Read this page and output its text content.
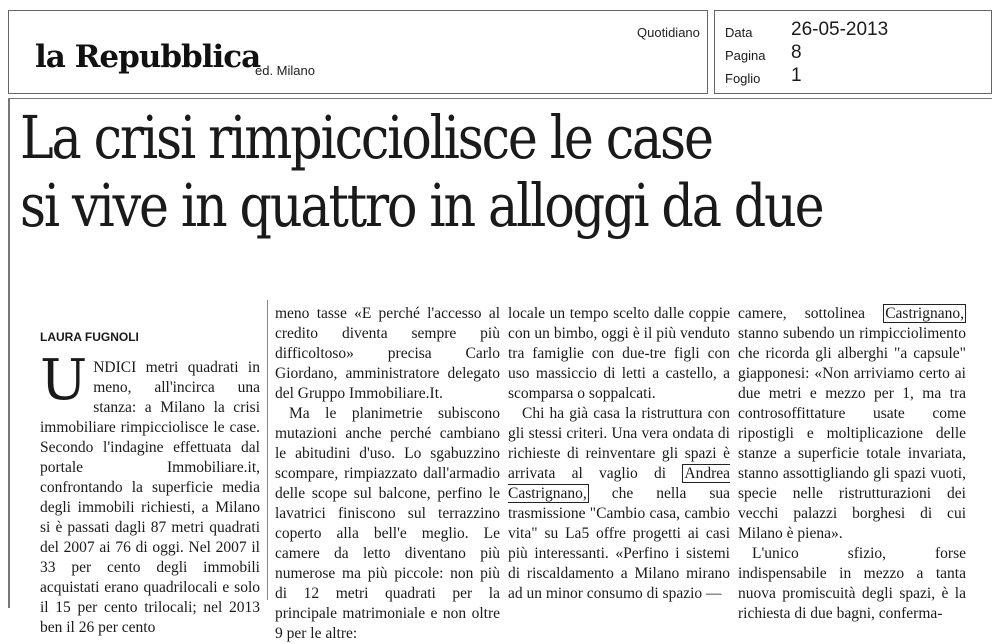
la Repubblica
ed. Milano
Quotidiano Data	26-05-2013
Pagina	8
Foglio	1
La crisi rimpicciolisce le case
si vive in quattro in alloggi da due
LAURA FUGNOLI

UNDICI metri quadrati in meno, all'incirca una stanza: a Milano la crisi immobiliare rimpicciolisce le case. Secondo l'indagine effettuata dal portale Immobiliare.it, confrontando la superficie media degli immobili richiesti, a Milano si è passati dagli 87 metri quadrati del 2007 ai 76 di oggi. Nel 2007 il 33 per cento degli immobili acquistati erano quadrilocali e solo il 15 per cento trilocali; nel 2013 ben il 26 per cento

meno tasse «E perché l'accesso al credito diventa sempre più difficoltoso» precisa Carlo Giordano, amministratore delegato del Gruppo Immobiliare.It.

Ma le planimetrie subiscono mutazioni anche perché cambiano le abitudini d'uso. Lo sgabuzzino scompare, rimpiazzato dall'armadio delle scope sul balcone, perfino le lavatrici finiscono sul terrazzino coperto alla bell'e meglio. Le camere da letto diventano più numerose ma più piccole: non più di 12 metri quadrati per la principale matrimoniale e non oltre 9 per le altre:

locale un tempo scelto dalle coppie con un bimbo, oggi è il più venduto tra famiglie con due-tre figli con uso massiccio di letti a castello, a scomparsa o soppalcati.

Chi ha già casa la ristruttura con gli stessi criteri. Una vera ondata di richieste di reinventare gli spazi è arrivata al vaglio di Andrea Castrignano, che nella sua trasmissione "Cambio casa, cambio vita" su La5 offre progetti ai casi più interessanti. «Perfino i sistemi di riscaldamento a Milano mirano ad un minor consumo di spazio —

camere, sottolinea Castrignano, stanno subendo un rimpicciolimento che ricorda gli alberghi "a capsule" giapponesi: «Non arriviamo certo ai due metri e mezzo per 1, ma tra controsoffittature usate come ripostigli e moltiplicazione delle stanze a superficie totale invariata, stanno assottigliando gli spazi vuoti, specie nelle ristrutturazioni dei vecchi palazzi borghesi di cui Milano è piena».

L'unico sfizio, forse indispensabile in mezzo a tanta nuova promiscuità degli spazi, è la richiesta di due bagni, conferma-
